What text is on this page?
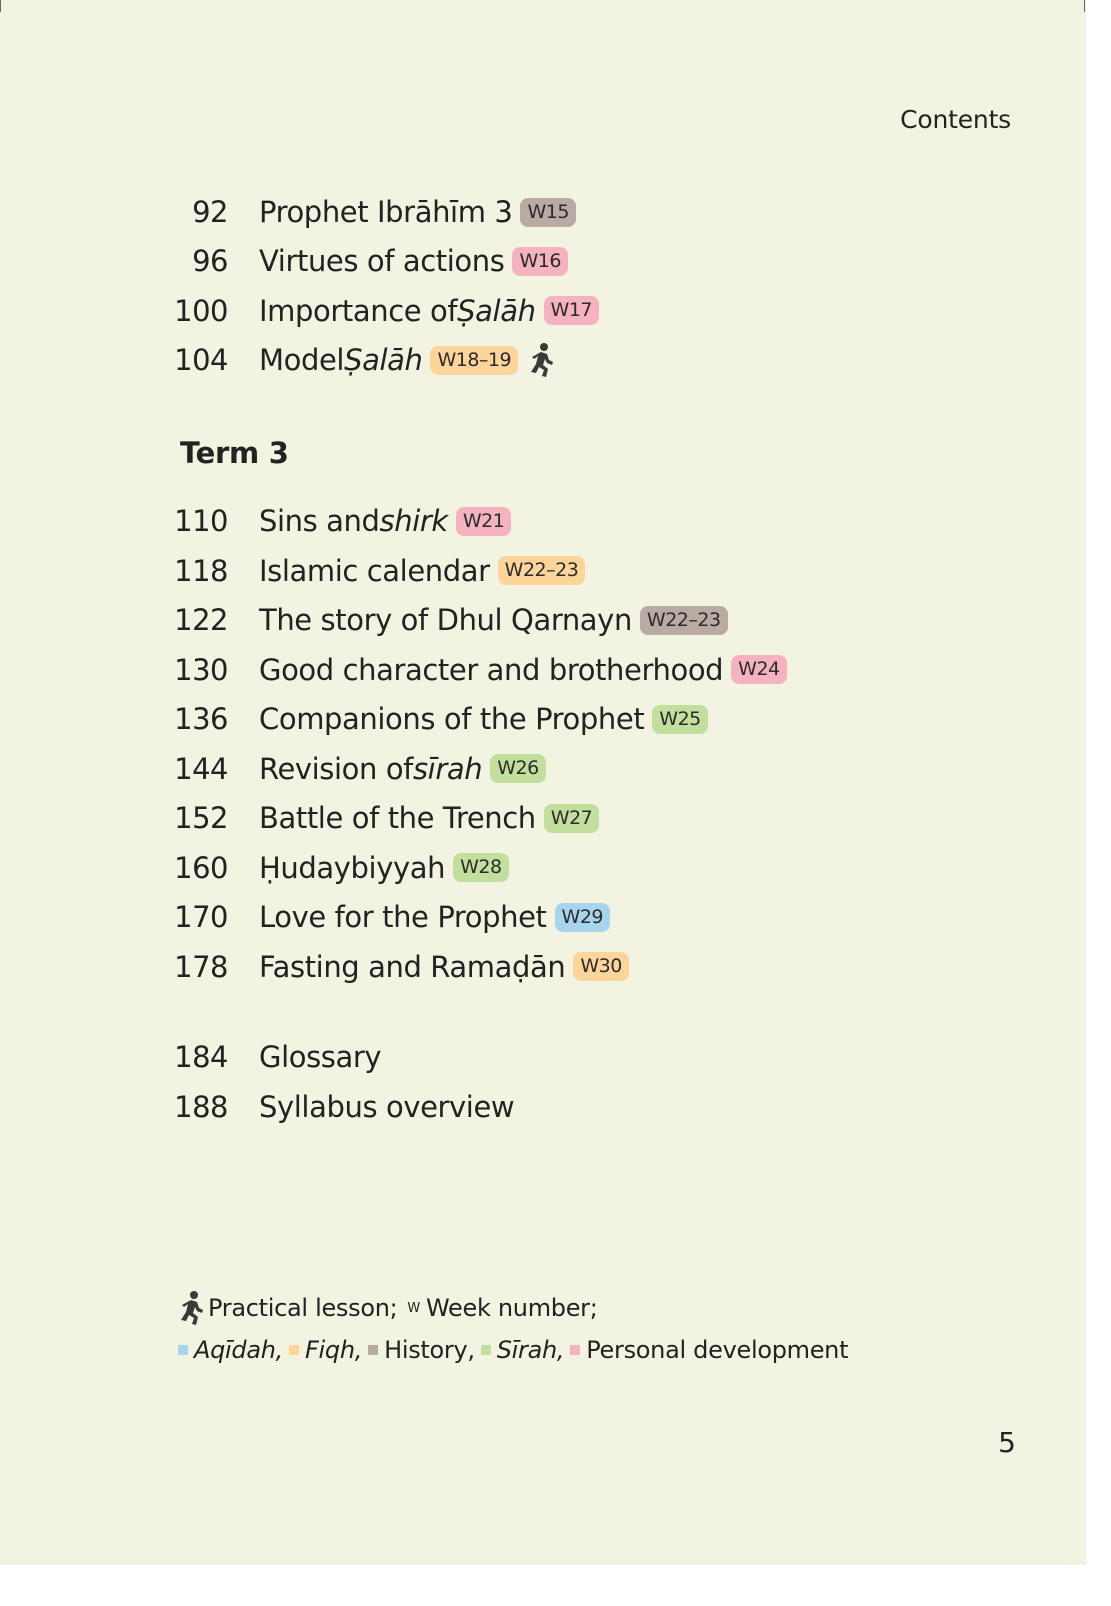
Contents
92 Prophet Ibrāhīm 3 W15
96 Virtues of actions W16
100 Importance of Ṣalāh W17
104 Model Ṣalāh W18–19
Term 3
110 Sins and shirk W21
118 Islamic calendar W22–23
122 The story of Dhul Qarnayn W22–23
130 Good character and brotherhood W24
136 Companions of the Prophet W25
144 Revision of sīrah W26
152 Battle of the Trench W27
160 Ḥudaybiyyah W28
170 Love for the Prophet W29
178 Fasting and Ramaḍān W30
184 Glossary
188 Syllabus overview
Practical lesson; W Week number;
Aqīdah, Fiqh, History, Sīrah, Personal development
5
